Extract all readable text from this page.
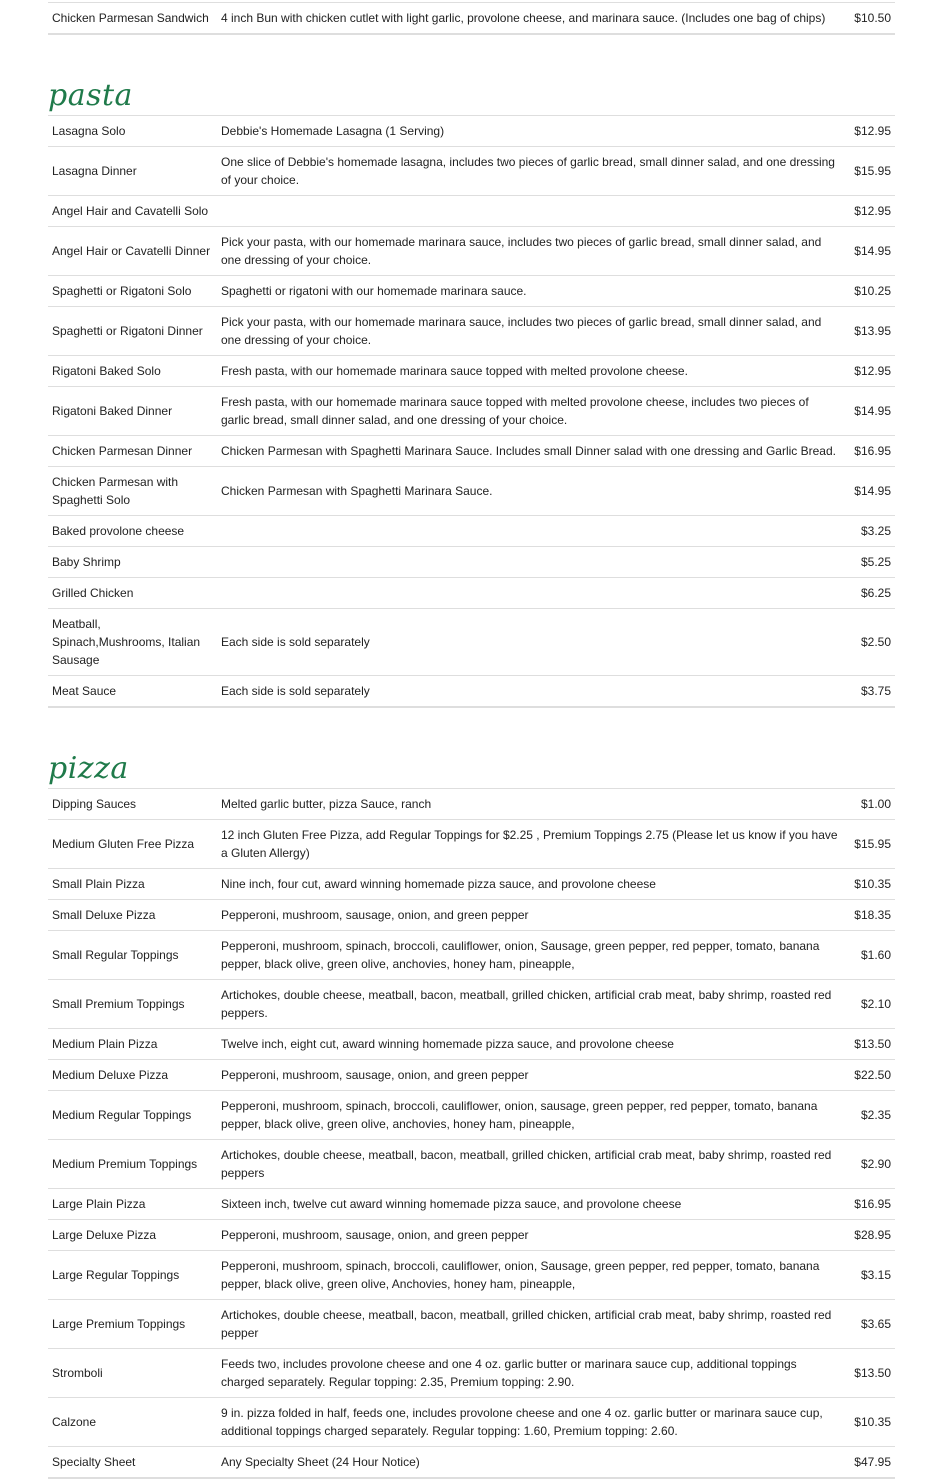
Chicken Parmesan Sandwich	4 inch Bun with chicken cutlet with light garlic, provolone cheese, and marinara sauce. (Includes one bag of chips)	$10.50
pasta
Lasagna Solo	Debbie's Homemade Lasagna (1 Serving)	$12.95
Lasagna Dinner	One slice of Debbie's homemade lasagna, includes two pieces of garlic bread, small dinner salad, and one dressing of your choice.	$15.95
Angel Hair and Cavatelli Solo		$12.95
Angel Hair or Cavatelli Dinner	Pick your pasta, with our homemade marinara sauce, includes two pieces of garlic bread, small dinner salad, and one dressing of your choice.	$14.95
Spaghetti or Rigatoni Solo	Spaghetti or rigatoni with our homemade marinara sauce.	$10.25
Spaghetti or Rigatoni Dinner	Pick your pasta, with our homemade marinara sauce, includes two pieces of garlic bread, small dinner salad, and one dressing of your choice.	$13.95
Rigatoni Baked Solo	Fresh pasta, with our homemade marinara sauce topped with melted provolone cheese.	$12.95
Rigatoni Baked Dinner	Fresh pasta, with our homemade marinara sauce topped with melted provolone cheese, includes two pieces of garlic bread, small dinner salad, and one dressing of your choice.	$14.95
Chicken Parmesan Dinner	Chicken Parmesan with Spaghetti Marinara Sauce. Includes small Dinner salad with one dressing and Garlic Bread.	$16.95
Chicken Parmesan with Spaghetti Solo	Chicken Parmesan with Spaghetti Marinara Sauce.	$14.95
Baked provolone cheese		$3.25
Baby Shrimp		$5.25
Grilled Chicken		$6.25
Meatball, Spinach,Mushrooms, Italian Sausage	Each side is sold separately	$2.50
Meat Sauce	Each side is sold separately	$3.75
pizza
Dipping Sauces	Melted garlic butter, pizza Sauce, ranch	$1.00
Medium Gluten Free Pizza	12 inch Gluten Free Pizza, add Regular Toppings for $2.25 , Premium Toppings 2.75 (Please let us know if you have a Gluten Allergy)	$15.95
Small Plain Pizza	Nine inch, four cut, award winning homemade pizza sauce, and provolone cheese	$10.35
Small Deluxe Pizza	Pepperoni, mushroom, sausage, onion, and green pepper	$18.35
Small Regular Toppings	Pepperoni, mushroom, spinach, broccoli, cauliflower, onion, Sausage, green pepper, red pepper, tomato, banana pepper, black olive, green olive, anchovies, honey ham, pineapple,	$1.60
Small Premium Toppings	Artichokes, double cheese, meatball, bacon, meatball, grilled chicken, artificial crab meat, baby shrimp, roasted red peppers.	$2.10
Medium Plain Pizza	Twelve inch, eight cut, award winning homemade pizza sauce, and provolone cheese	$13.50
Medium Deluxe Pizza	Pepperoni, mushroom, sausage, onion, and green pepper	$22.50
Medium Regular Toppings	Pepperoni, mushroom, spinach, broccoli, cauliflower, onion, sausage, green pepper, red pepper, tomato, banana pepper, black olive, green olive, anchovies, honey ham, pineapple,	$2.35
Medium Premium Toppings	Artichokes, double cheese, meatball, bacon, meatball, grilled chicken, artificial crab meat, baby shrimp, roasted red peppers	$2.90
Large Plain Pizza	Sixteen inch, twelve cut award winning homemade pizza sauce, and provolone cheese	$16.95
Large Deluxe Pizza	Pepperoni, mushroom, sausage, onion, and green pepper	$28.95
Large Regular Toppings	Pepperoni, mushroom, spinach, broccoli, cauliflower, onion, Sausage, green pepper, red pepper, tomato, banana pepper, black olive, green olive, Anchovies, honey ham, pineapple,	$3.15
Large Premium Toppings	Artichokes, double cheese, meatball, bacon, meatball, grilled chicken, artificial crab meat, baby shrimp, roasted red pepper	$3.65
Stromboli	Feeds two, includes provolone cheese and one 4 oz. garlic butter or marinara sauce cup, additional toppings charged separately. Regular topping: 2.35, Premium topping: 2.90.	$13.50
Calzone	9 in. pizza folded in half, feeds one, includes provolone cheese and one 4 oz. garlic butter or marinara sauce cup, additional toppings charged separately. Regular topping: 1.60, Premium topping: 2.60.	$10.35
Specialty Sheet	Any Specialty Sheet (24 Hour Notice)	$47.95
